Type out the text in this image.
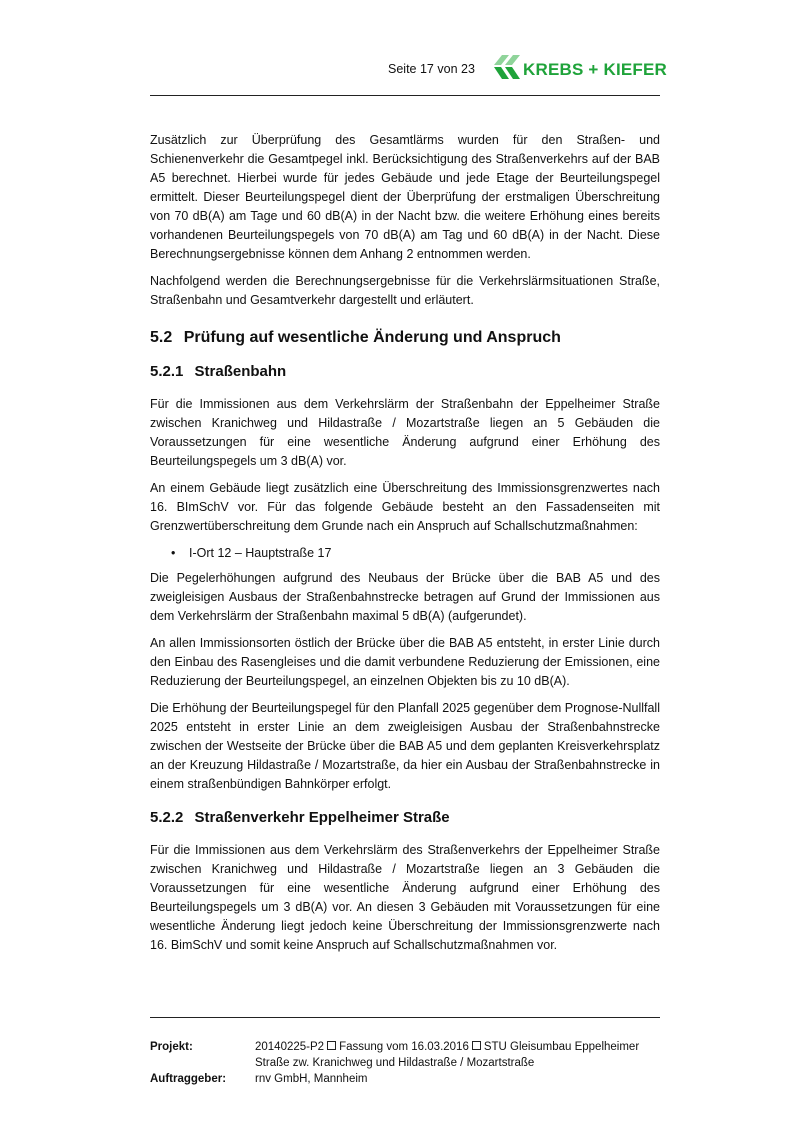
Seite 17 von 23	KREBS + KIEFER

Zusätzlich zur Überprüfung des Gesamtlärms wurden für den Straßen- und Schienenverkehr die Gesamtpegel inkl. Berücksichtigung des Straßenverkehrs auf der BAB A5 berechnet. Hierbei wurde für jedes Gebäude und jede Etage der Beurteilungspegel ermittelt. Dieser Beurteilungspegel dient der Überprüfung der erstmaligen Überschreitung von 70 dB(A) am Tage und 60 dB(A) in der Nacht bzw. die weitere Erhöhung eines bereits vorhandenen Beurteilungspegels von 70 dB(A) am Tag und 60 dB(A) in der Nacht. Diese Berechnungsergebnisse können dem Anhang 2 entnommen werden.

Nachfolgend werden die Berechnungsergebnisse für die Verkehrslärmsituationen Straße, Straßenbahn und Gesamtverkehr dargestellt und erläutert.

5.2 Prüfung auf wesentliche Änderung und Anspruch
5.2.1 Straßenbahn

Für die Immissionen aus dem Verkehrslärm der Straßenbahn der Eppelheimer Straße zwischen Kranichweg und Hildastraße / Mozartstraße liegen an 5 Gebäuden die Voraussetzungen für eine wesentliche Änderung aufgrund einer Erhöhung des Beurteilungspegels um 3 dB(A) vor.

An einem Gebäude liegt zusätzlich eine Überschreitung des Immissionsgrenzwertes nach 16. BImSchV vor. Für das folgende Gebäude besteht an den Fassadenseiten mit Grenzwertüberschreitung dem Grunde nach ein Anspruch auf Schallschutzmaßnahmen:

• I-Ort 12 – Hauptstraße 17

Die Pegelerhöhungen aufgrund des Neubaus der Brücke über die BAB A5 und des zweigleisigen Ausbaus der Straßenbahnstrecke betragen auf Grund der Immissionen aus dem Verkehrslärm der Straßenbahn maximal 5 dB(A) (aufgerundet).

An allen Immissionsorten östlich der Brücke über die BAB A5 entsteht, in erster Linie durch den Einbau des Rasengleises und die damit verbundene Reduzierung der Emissionen, eine Reduzierung der Beurteilungspegel, an einzelnen Objekten bis zu 10 dB(A).

Die Erhöhung der Beurteilungspegel für den Planfall 2025 gegenüber dem Prognose-Nullfall 2025 entsteht in erster Linie an dem zweigleisigen Ausbau der Straßenbahnstrecke zwischen der Westseite der Brücke über die BAB A5 und dem geplanten Kreisverkehrsplatz an der Kreuzung Hildastraße / Mozartstraße, da hier ein Ausbau der Straßenbahnstrecke in einem straßenbündigen Bahnkörper erfolgt.

5.2.2 Straßenverkehr Eppelheimer Straße

Für die Immissionen aus dem Verkehrslärm des Straßenverkehrs der Eppelheimer Straße zwischen Kranichweg und Hildastraße / Mozartstraße liegen an 3 Gebäuden die Voraussetzungen für eine wesentliche Änderung aufgrund einer Erhöhung des Beurteilungspegels um 3 dB(A) vor. An diesen 3 Gebäuden mit Voraussetzungen für eine wesentliche Änderung liegt jedoch keine Überschreitung der Immissionsgrenzwerte nach 16. BimSchV und somit keine Anspruch auf Schallschutzmaßnahmen vor.

Projekt:	20140225-P2 Fassung vom 16.03.2016 STU Gleisumbau Eppelheimer Straße zw. Kranichweg und Hildastraße / Mozartstraße
Auftraggeber:	rnv GmbH, Mannheim
